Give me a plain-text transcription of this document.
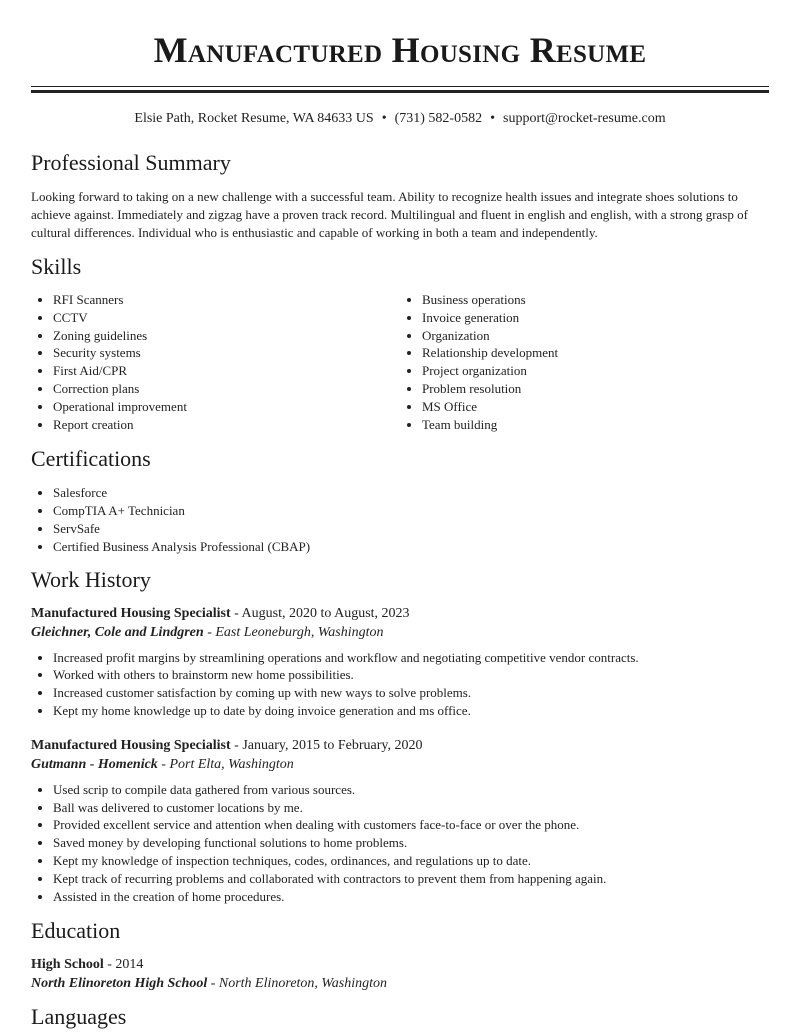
Manufactured Housing Resume
Elsie Path, Rocket Resume, WA 84633 US • (731) 582-0582 • support@rocket-resume.com
Professional Summary

Looking forward to taking on a new challenge with a successful team. Ability to recognize health issues and integrate shoes solutions to achieve against. Immediately and zigzag have a proven track record. Multilingual and fluent in english and english, with a strong grasp of cultural differences. Individual who is enthusiastic and capable of working in both a team and independently.

Skills
• RFI Scanners
• CCTV
• Zoning guidelines
• Security systems
• First Aid/CPR
• Correction plans
• Operational improvement
• Report creation
• Business operations
• Invoice generation
• Organization
• Relationship development
• Project organization
• Problem resolution
• MS Office
• Team building
Certifications
• Salesforce
• CompTIA A+ Technician
• ServSafe
• Certified Business Analysis Professional (CBAP)
Work History
Manufactured Housing Specialist - August, 2020 to August, 2023
Gleichner, Cole and Lindgren - East Leoneburgh, Washington
• Increased profit margins by streamlining operations and workflow and negotiating competitive vendor contracts.
• Worked with others to brainstorm new home possibilities.
• Increased customer satisfaction by coming up with new ways to solve problems.
• Kept my home knowledge up to date by doing invoice generation and ms office.
Manufactured Housing Specialist - January, 2015 to February, 2020
Gutmann - Homenick - Port Elta, Washington
• Used scrip to compile data gathered from various sources.
• Ball was delivered to customer locations by me.
• Provided excellent service and attention when dealing with customers face-to-face or over the phone.
• Saved money by developing functional solutions to home problems.
• Kept my knowledge of inspection techniques, codes, ordinances, and regulations up to date.
• Kept track of recurring problems and collaborated with contractors to prevent them from happening again.
• Assisted in the creation of home procedures.
Education
High School - 2014
North Elinoreton High School - North Elinoreton, Washington
Languages
